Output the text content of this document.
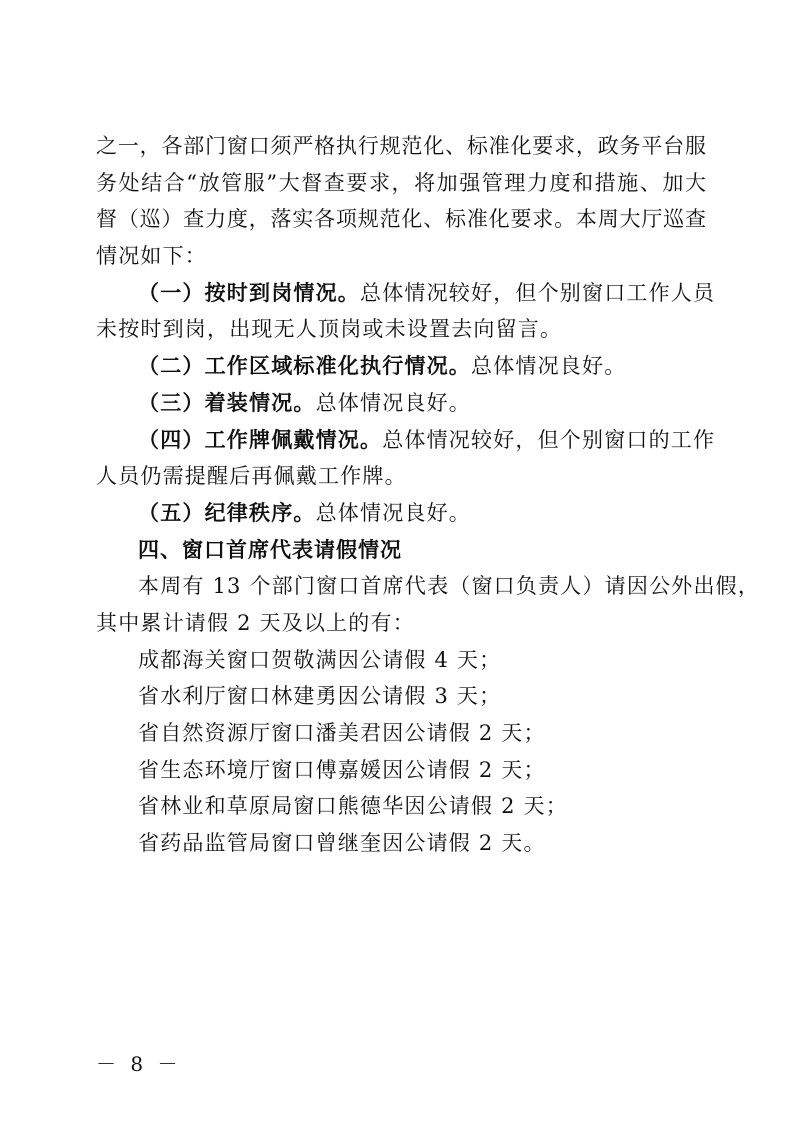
之一，各部门窗口须严格执行规范化、标准化要求，政务平台服
务处结合“放管服”大督查要求，将加强管理力度和措施、加大
督（巡）查力度，落实各项规范化、标准化要求。本周大厅巡查
情况如下：
（一）按时到岗情况。总体情况较好，但个别窗口工作人员
未按时到岗，出现无人顶岗或未设置去向留言。
（二）工作区域标准化执行情况。总体情况良好。
（三）着装情况。总体情况良好。
（四）工作牌佩戴情况。总体情况较好，但个别窗口的工作
人员仍需提醒后再佩戴工作牌。
（五）纪律秩序。总体情况良好。
四、窗口首席代表请假情况
本周有 13 个部门窗口首席代表（窗口负责人）请因公外出假，
其中累计请假 2 天及以上的有：
成都海关窗口贺敬满因公请假 4 天；
省水利厅窗口林建勇因公请假 3 天；
省自然资源厅窗口潘美君因公请假 2 天；
省生态环境厅窗口傅嘉媛因公请假 2 天；
省林业和草原局窗口熊德华因公请假 2 天；
省药品监管局窗口曾继奎因公请假 2 天。
－ 8 －
